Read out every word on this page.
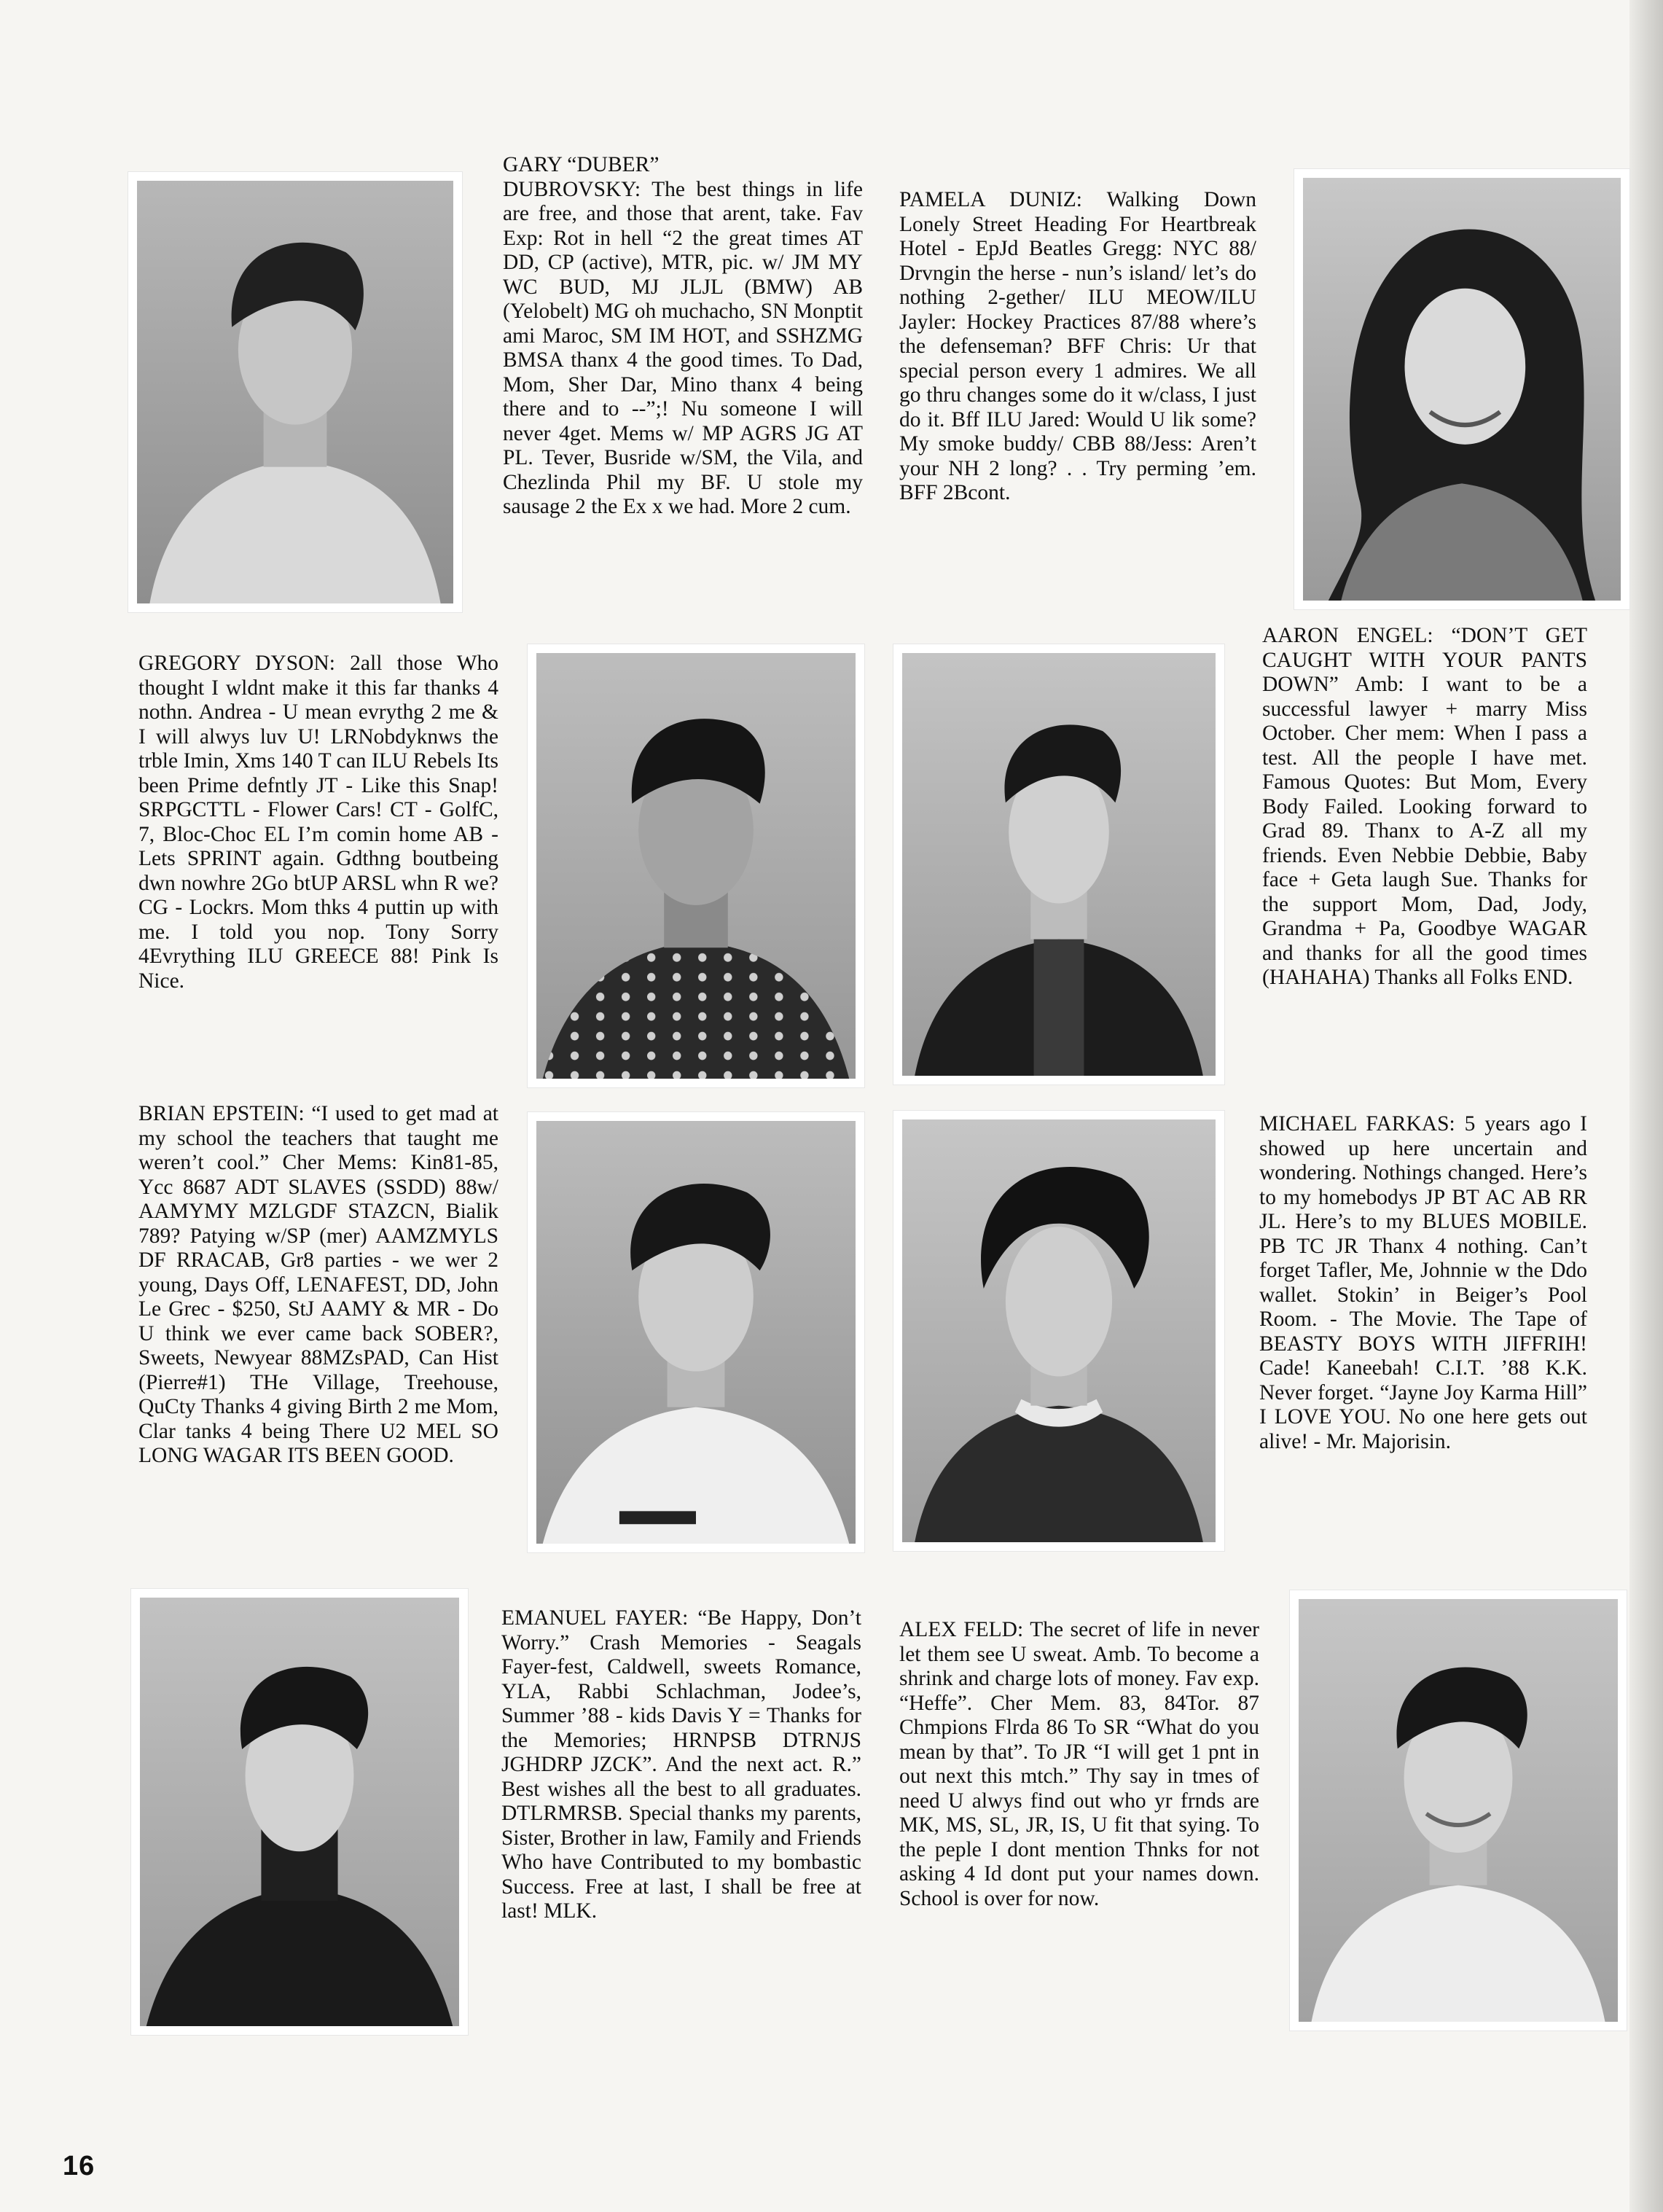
GARY “DUBER”
DUBROVSKY: The best things in life are free, and those that arent, take. Fav Exp: Rot in hell “2 the great times AT DD, CP (active), MTR, pic. w/ JM MY WC BUD, MJ JLJL (BMW) AB (Yelobelt) MG oh muchacho, SN Monptit ami Maroc, SM IM HOT, and SSHZMG BMSA thanx 4 the good times. To Dad, Mom, Sher Dar, Mino thanx 4 being there and to --”;! Nu someone I will never 4get. Mems w/ MP AGRS JG AT PL. Tever, Busride w/SM, the Vila, and Chezlinda Phil my BF. U stole my sausage 2 the Ex x we had. More 2 cum.

PAMELA DUNIZ: Walking Down Lonely Street Heading For Heartbreak Hotel - EpJd Beatles Gregg: NYC 88/ Drvngin the herse - nun’s island/ let’s do nothing 2-gether/ ILU MEOW/ILU Jayler: Hockey Practices 87/88 where’s the defenseman? BFF Chris: Ur that special person every 1 admires. We all go thru changes some do it w/class, I just do it. Bff ILU Jared: Would U lik some? My smoke buddy/ CBB 88/Jess: Aren’t your NH 2 long? . . Try perming ’em. BFF 2Bcont.

GREGORY DYSON: 2all those Who thought I wldnt make it this far thanks 4 nothn. Andrea - U mean evrythg 2 me & I will alwys luv U! LRNobdyknws the trble Imin, Xms 140 T can ILU Rebels Its been Prime defntly JT - Like this Snap! SRPGCTTL - Flower Cars! CT - GolfC, 7, Bloc-Choc EL I’m comin home AB - Lets SPRINT again. Gdthng boutbeing dwn nowhre 2Go btUP ARSL whn R we? CG - Lockrs. Mom thks 4 puttin up with me. I told you nop. Tony Sorry 4Evrything ILU GREECE 88! Pink Is Nice.

AARON ENGEL: “DON’T GET CAUGHT WITH YOUR PANTS DOWN” Amb: I want to be a successful lawyer + marry Miss October. Cher mem: When I pass a test. All the people I have met. Famous Quotes: But Mom, Every Body Failed. Looking forward to Grad 89. Thanx to A-Z all my friends. Even Nebbie Debbie, Baby face + Geta laugh Sue. Thanks for the support Mom, Dad, Jody, Grandma + Pa, Goodbye WAGAR and thanks for all the good times (HAHAHA) Thanks all Folks END.

BRIAN EPSTEIN: “I used to get mad at my school the teachers that taught me weren’t cool.” Cher Mems: Kin81-85, Ycc 8687 ADT SLAVES (SSDD) 88w/ AAMYMY MZLGDF STAZCN, Bialik 789? Patying w/SP (mer) AAMZMYLS DF RRACAB, Gr8 parties - we wer 2 young, Days Off, LENAFEST, DD, John Le Grec - $250, StJ AAMY & MR - Do U think we ever came back SOBER?, Sweets, Newyear 88MZsPAD, Can Hist (Pierre#1) THe Village, Treehouse, QuCty Thanks 4 giving Birth 2 me Mom, Clar tanks 4 being There U2 MEL SO LONG WAGAR ITS BEEN GOOD.

MICHAEL FARKAS: 5 years ago I showed up here uncertain and wondering. Nothings changed. Here’s to my homebodys JP BT AC AB RR JL. Here’s to my BLUES MOBILE. PB TC JR Thanx 4 nothing. Can’t forget Tafler, Me, Johnnie w the Ddo wallet. Stokin’ in Beiger’s Pool Room. - The Movie. The Tape of BEASTY BOYS WITH JIFFRIH! Cade! Kaneebah! C.I.T. ’88 K.K. Never forget. “Jayne Joy Karma Hill” I LOVE YOU. No one here gets out alive! - Mr. Majorisin.

EMANUEL FAYER: “Be Happy, Don’t Worry.” Crash Memories - Seagals Fayer-fest, Caldwell, sweets Romance, YLA, Rabbi Schlachman, Jodee’s, Summer ’88 - kids Davis Y = Thanks for the Memories; HRNPSB DTRNJS JGHDRP JZCK”. And the next act. R.” Best wishes all the best to all graduates. DTLRMRSB. Special thanks my parents, Sister, Brother in law, Family and Friends Who have Contributed to my bombastic Success. Free at last, I shall be free at last! MLK.

ALEX FELD: The secret of life in never let them see U sweat. Amb. To become a shrink and charge lots of money. Fav exp. “Heffe”. Cher Mem. 83, 84Tor. 87 Chmpions Flrda 86 To SR “What do you mean by that”. To JR “I will get 1 pnt in out next this mtch.” Thy say in tmes of need U alwys find out who yr frnds are MK, MS, SL, JR, IS, U fit that sying. To the peple I dont mention Thnks for not asking 4 Id dont put your names down. School is over for now.

16
